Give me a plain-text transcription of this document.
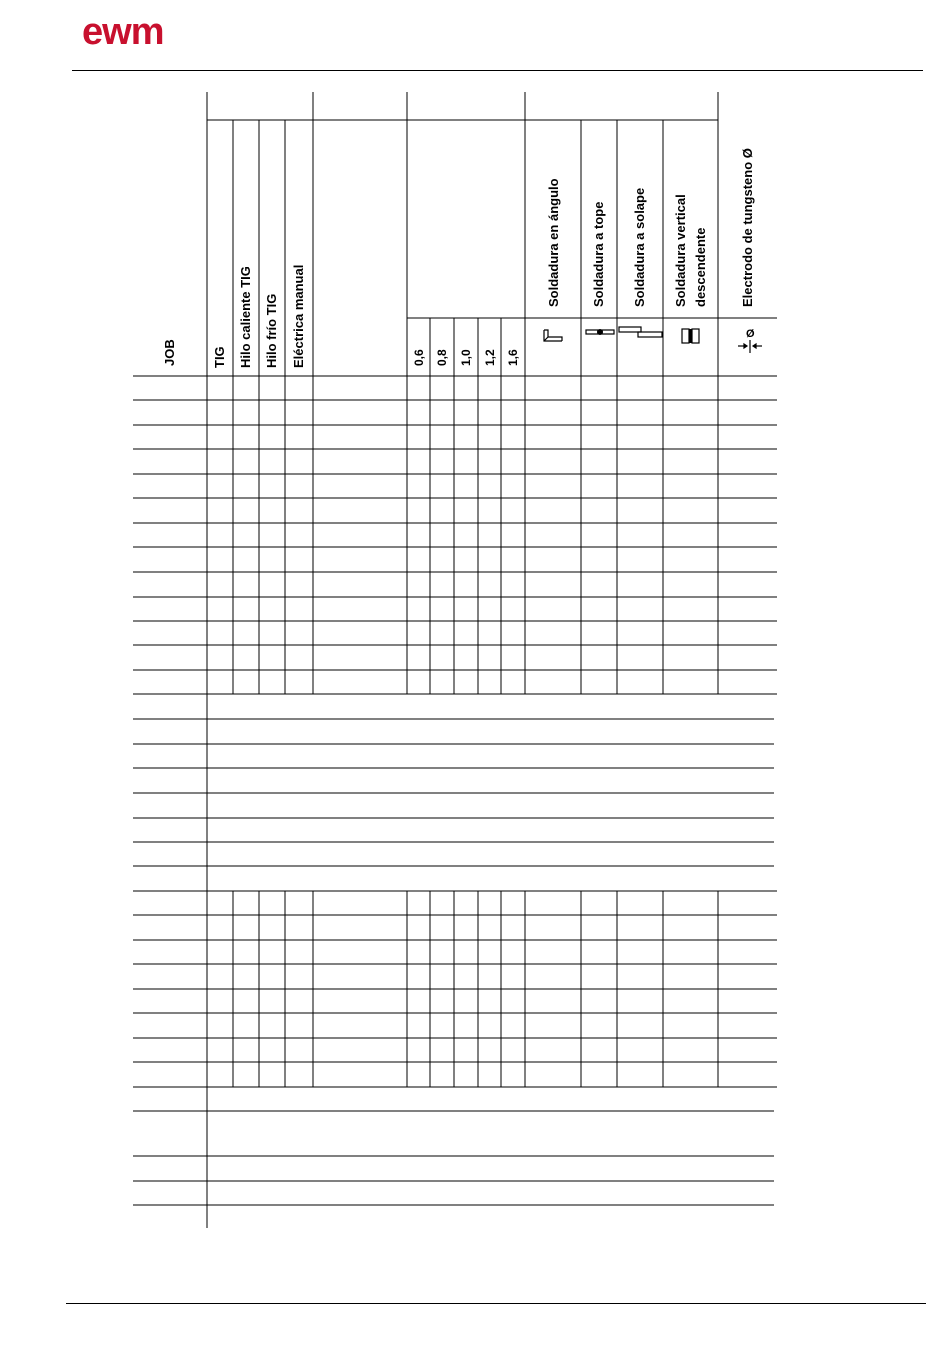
ewm
JOB	TIG Hilo caliente TIG Hilo frío TIG Eléctrica manual	0,6 0,8 1,0 1,2 1,6
Soldadura en ángulo Soldadura a tope Soldadura a solape Soldadura vertical descendente Electrodo de tungsteno Ø
Ø
